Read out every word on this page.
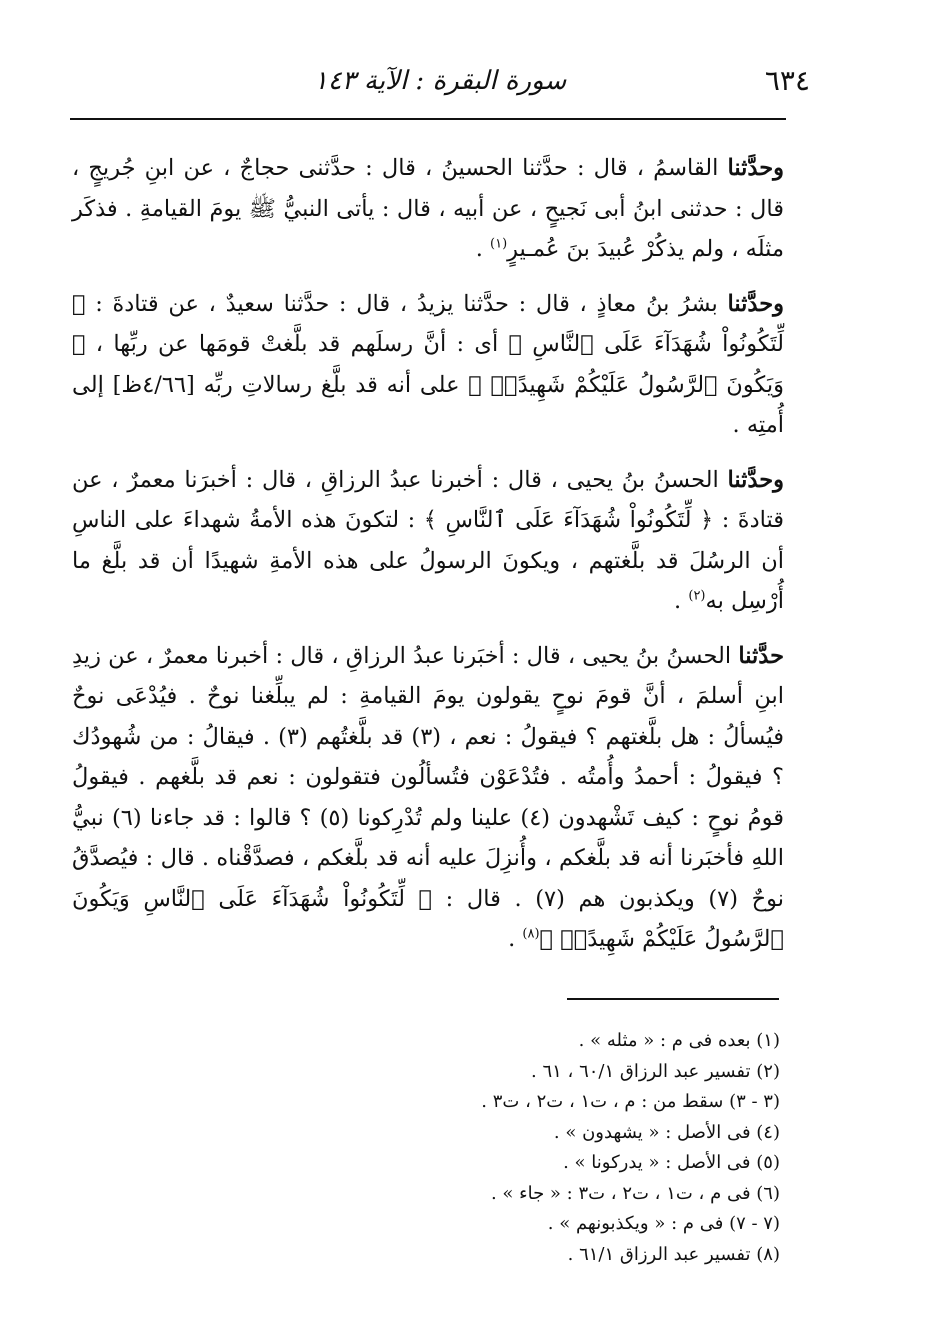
٦٣٤
سورة البقرة : الآية ١٤٣

وحدَّثنا القاسمُ ، قال : حدَّثنا الحسينُ ، قال : حدَّثنى حجاجٌ ، عن ابنِ جُريجٍ ، قال : حدثنى ابنُ أبى نَجيحٍ ، عن أبيه ، قال : يأتى النبيُّ ﷺ يومَ القيامةِ . فذكَر مثلَه ، ولم يذكُرْ عُبيدَ بنَ عُمـيرٍ$^{(١)}$ .

وحدَّثنا بشرُ بنُ معاذٍ ، قال : حدَّثنا يزيدُ ، قال : حدَّثنا سعيدٌ ، عن قتادةَ : ﴿ لِّتَكُونُواْ شُهَدَآءَ عَلَى ٱلنَّاسِ ﴾ أى : أنَّ رسلَهم قد بلَّغتْ قومَها عن ربِّها ، ﴿ وَيَكُونَ ٱلرَّسُولُ عَلَيْكُمْ شَهِيدًاۗ ﴾ على أنه قد بلَّغ رسالاتِ ربِّه [٤/٦٦ظ] إلى أُمتِه .

وحدَّثنا الحسنُ بنُ يحيى ، قال : أخبرنا عبدُ الرزاقِ ، قال : أخبرَنا معمرٌ ، عن قتادةَ : ﴿ لِّتَكُونُواْ شُهَدَآءَ عَلَى ٱلنَّاسِ ﴾ : لتكونَ هذه الأمةُ شهداءَ على الناسِ أن الرسُلَ قد بلَّغتهم ، ويكونَ الرسولُ على هذه الأمةِ شهيدًا أن قد بلَّغ ما أُرْسِل به$^{(٢)}$ .

حدَّثنا الحسنُ بنُ يحيى ، قال : أخبَرنا عبدُ الرزاقِ ، قال : أخبرنا معمرٌ ، عن زيدِ ابنِ أسلمَ ، أنَّ قومَ نوحٍ يقولون يومَ القيامةِ : لم يبلِّغنا نوحٌ . فيُدْعَى نوحٌ فيُسألُ : هل بلَّغتهم ؟ فيقولُ : نعم ، (٣) قد بلَّغتُهم (٣) . فيقالُ : من شُهودُك ؟ فيقولُ : أحمدُ وأُمتُه . فتُدْعَوْن فتُسألُون فتقولون : نعم قد بلَّغهم . فيقولُ قومُ نوحٍ : كيف تَشْهدون (٤) علينا ولم تُدْرِكونا (٥) ؟ قالوا : قد جاءنا (٦) نبيُّ اللهِ فأخبَرنا أنه قد بلَّغكم ، وأُنزِلَ عليه أنه قد بلَّغكم ، فصدَّقْناه . قال : فيُصدَّقُ نوحٌ (٧) ويكذبون هم (٧) . قال : ﴿ لِّتَكُونُواْ شُهَدَآءَ عَلَى ٱلنَّاسِ وَيَكُونَ ٱلرَّسُولُ عَلَيْكُمْ شَهِيدًاۗ ﴾$^{(٨)}$ .

(١) بعده فى م : « مثله » .
(٢) تفسير عبد الرزاق ٦٠/١ ، ٦١ .
(٣ - ٣) سقط من : م ، ت١ ، ت٢ ، ت٣ .
(٤) فى الأصل : « يشهدون » .
(٥) فى الأصل : « يدركونا » .
(٦) فى م ، ت١ ، ت٢ ، ت٣ : « جاء » .
(٧ - ٧) فى م : « ويكذبونهم » .
(٨) تفسير عبد الرزاق ٦١/١ .
